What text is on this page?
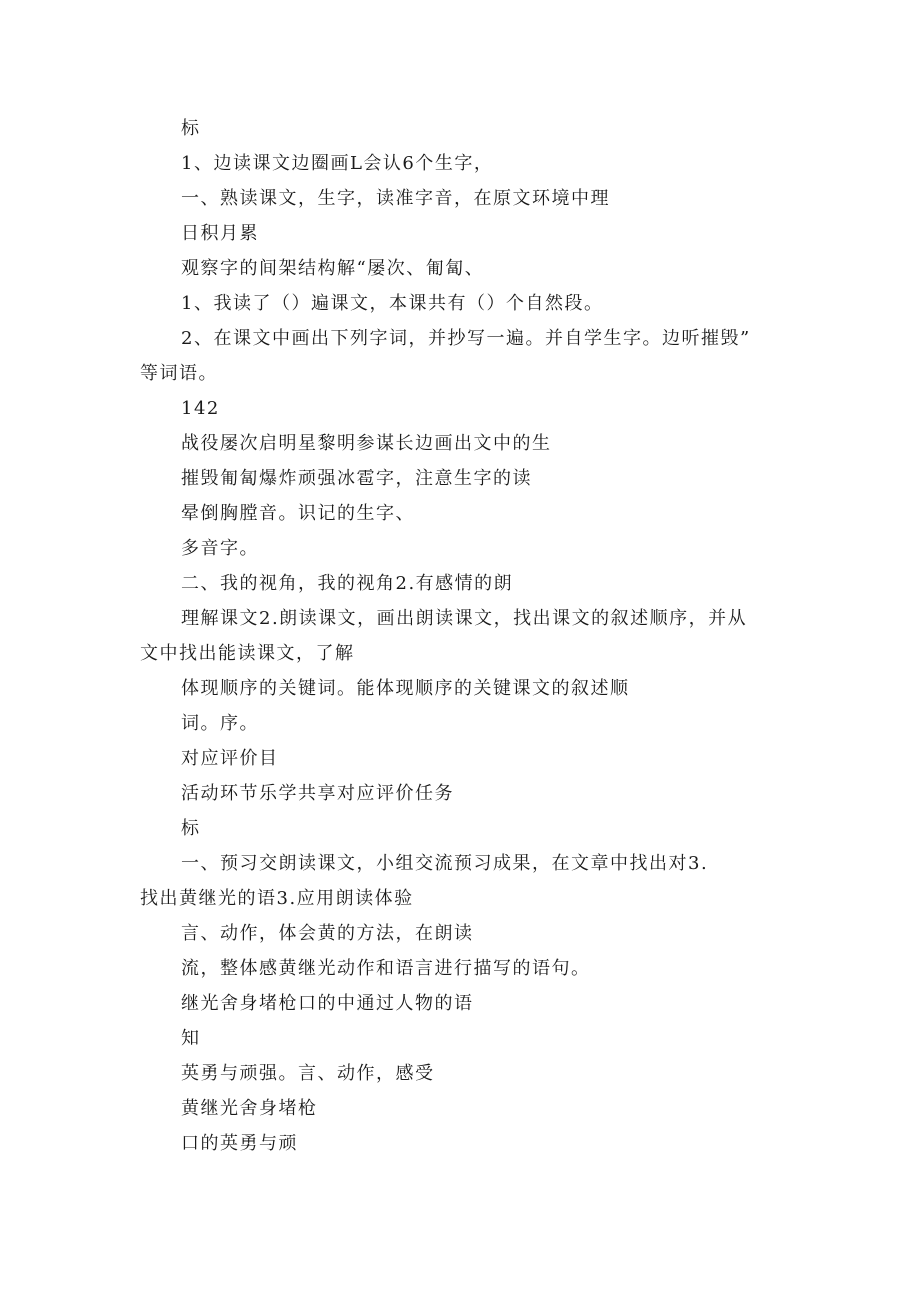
标
1、边读课文边圈画L会认6个生字，
一、熟读课文，生字，读准字音，在原文环境中理
日积月累
观察字的间架结构解“屡次、匍匐、
1、我读了（）遍课文，本课共有（）个自然段。
2、在课文中画出下列字词，并抄写一遍。并自学生字。边听摧毁”
等词语。
142
战役屡次启明星黎明参谋长边画出文中的生
摧毁匍匐爆炸顽强冰雹字，注意生字的读
晕倒胸膛音。识记的生字、
多音字。
二、我的视角，我的视角2.有感情的朗
理解课文2.朗读课文，画出朗读课文，找出课文的叙述顺序，并从
文中找出能读课文，了解
体现顺序的关键词。能体现顺序的关键课文的叙述顺
词。序。
对应评价目
活动环节乐学共享对应评价任务
标
一、预习交朗读课文，小组交流预习成果，在文章中找出对3.
找出黄继光的语3.应用朗读体验
言、动作，体会黄的方法，在朗读
流，整体感黄继光动作和语言进行描写的语句。
继光舍身堵枪口的中通过人物的语
知
英勇与顽强。言、动作，感受
黄继光舍身堵枪
口的英勇与顽
